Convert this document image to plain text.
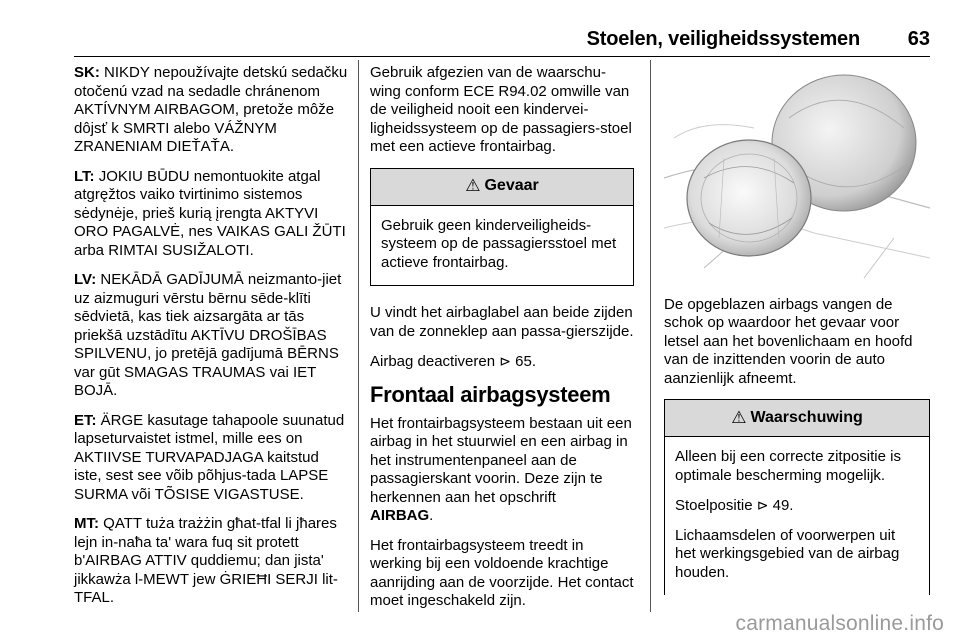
Stoelen, veiligheidssystemen 63

SK: NIKDY nepoužívajte detskú sedačku otočenú vzad na sedadle chránenom AKTÍVNYM AIRBAGOM, pretože môže dôjsť k SMRTI alebo VÁŽNYM ZRANENIAM DIEŤAŤA.

LT: JOKIU BŪDU nemontuokite atgal atgręžtos vaiko tvirtinimo sistemos sėdynėje, prieš kurią įrengta AKTYVI ORO PAGALVĖ, nes VAIKAS GALI ŽŪTI arba RIMTAI SUSIŽALOTI.

LV: NEKĀDĀ GADĪJUMĀ neizmanto‐jiet uz aizmuguri vērstu bērnu sēde‐klīti sēdvietā, kas tiek aizsargāta ar tās priekšā uzstādītu AKTĪVU DROŠĪBAS SPILVENU, jo pretējā gadījumā BĒRNS var gūt SMAGAS TRAUMAS vai IET BOJĀ.

ET: ÄRGE kasutage tahapoole suunatud lapseturvaistet istmel, mille ees on AKTIIVSE TURVAPADJAGA kaitstud iste, sest see võib põhjus‐tada LAPSE SURMA või TÕSISE VIGASTUSE.

MT: QATT tuża trażżin għat-tfal li jħares lejn in-naħa ta' wara fuq sit protett b'AIRBAG ATTIV quddiemu; dan jista' jikkawża l-MEWT jew ĠRIEĦI SERJI lit-TFAL.

Gebruik afgezien van de waarschu‐wing conform ECE R94.02 omwille van de veiligheid nooit een kindervei‐ligheidssysteem op de passagiers‐stoel met een actieve frontairbag.

⚠ Gevaar

Gebruik geen kinderveiligheids‐systeem op de passagiersstoel met actieve frontairbag.

U vindt het airbaglabel aan beide zijden van de zonneklep aan passa‐gierszijde.

Airbag deactiveren ⊳ 65.

Frontaal airbagsysteem

Het frontairbagsysteem bestaan uit een airbag in het stuurwiel en een airbag in het instrumentenpaneel aan de passagierskant voorin. Deze zijn te herkennen aan het opschrift
AIRBAG.

Het frontairbagsysteem treedt in werking bij een voldoende krachtige aanrijding aan de voorzijde. Het contact moet ingeschakeld zijn.

De opgeblazen airbags vangen de schok op waardoor het gevaar voor letsel aan het bovenlichaam en hoofd van de inzittenden voorin de auto aanzienlijk afneemt.

⚠ Waarschuwing

Alleen bij een correcte zitpositie is optimale bescherming mogelijk.

Stoelpositie ⊳ 49.

Lichaamsdelen of voorwerpen uit het werkingsgebied van de airbag houden.

carmanualsonline.info
